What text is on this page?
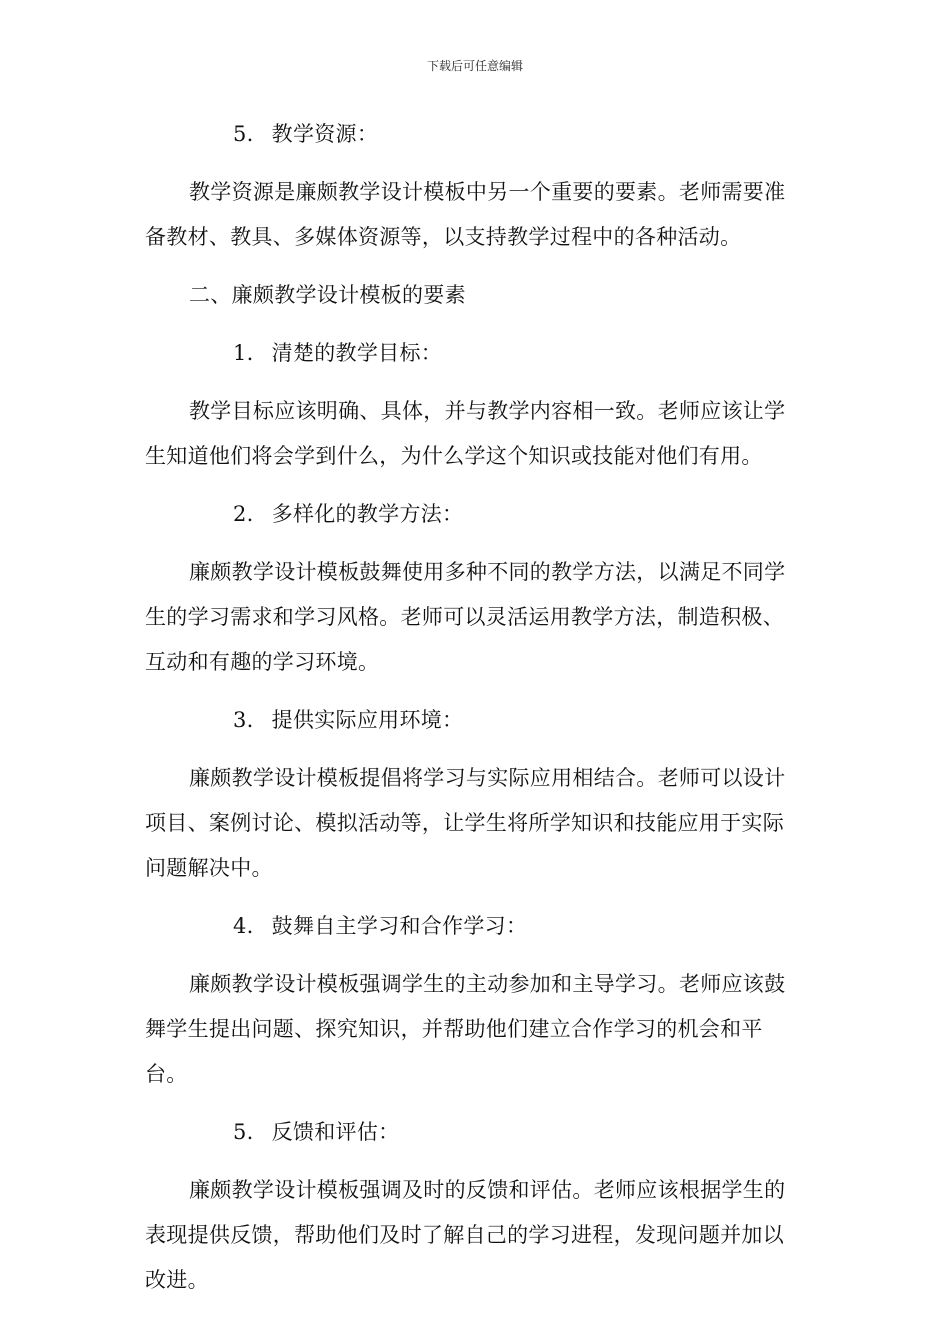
下载后可任意编辑

5. 教学资源：

教学资源是廉颇教学设计模板中另一个重要的要素。老师需要准备教材、教具、多媒体资源等，以支持教学过程中的各种活动。

二、廉颇教学设计模板的要素

1. 清楚的教学目标：

教学目标应该明确、具体，并与教学内容相一致。老师应该让学生知道他们将会学到什么，为什么学这个知识或技能对他们有用。

2. 多样化的教学方法：

廉颇教学设计模板鼓舞使用多种不同的教学方法，以满足不同学生的学习需求和学习风格。老师可以灵活运用教学方法，制造积极、互动和有趣的学习环境。

3. 提供实际应用环境：

廉颇教学设计模板提倡将学习与实际应用相结合。老师可以设计项目、案例讨论、模拟活动等，让学生将所学知识和技能应用于实际问题解决中。

4. 鼓舞自主学习和合作学习：

廉颇教学设计模板强调学生的主动参加和主导学习。老师应该鼓舞学生提出问题、探究知识，并帮助他们建立合作学习的机会和平台。

5. 反馈和评估：

廉颇教学设计模板强调及时的反馈和评估。老师应该根据学生的表现提供反馈，帮助他们及时了解自己的学习进程，发现问题并加以改进。
